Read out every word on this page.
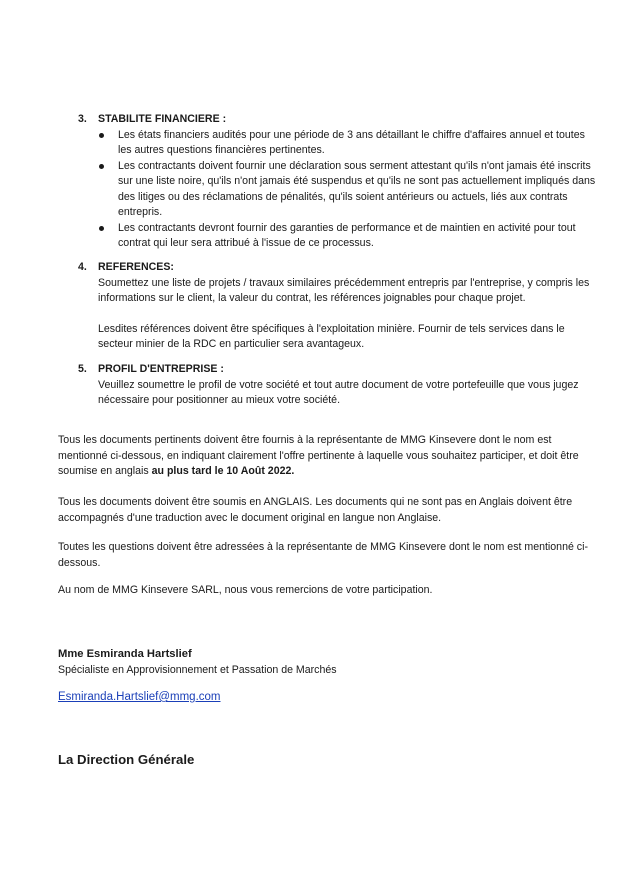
3.	STABILITE FINANCIERE :
Les états financiers audités pour une période de 3 ans détaillant le chiffre d'affaires annuel et toutes les autres questions financières pertinentes.
Les contractants doivent fournir une déclaration sous serment attestant qu'ils n'ont jamais été inscrits sur une liste noire, qu'ils n'ont jamais été suspendus et qu'ils ne sont pas actuellement impliqués dans des litiges ou des réclamations de pénalités, qu'ils soient antérieurs ou actuels, liés aux contrats entrepris.
Les contractants devront fournir des garanties de performance et de maintien en activité pour tout contrat qui leur sera attribué à l'issue de ce processus.
4.	REFERENCES:
Soumettez une liste de projets / travaux similaires précédemment entrepris par l'entreprise, y compris les informations sur le client, la valeur du contrat, les références joignables pour chaque projet.
Lesdites références doivent être spécifiques à l'exploitation minière. Fournir de tels services dans le secteur minier de la RDC en particulier sera avantageux.
5.	PROFIL D'ENTREPRISE :
Veuillez soumettre le profil de votre société et tout autre document de votre portefeuille que vous jugez nécessaire pour positionner au mieux votre société.
Tous les documents pertinents doivent être fournis à la représentante de MMG Kinsevere dont le nom est mentionné ci-dessous, en indiquant clairement l'offre pertinente à laquelle vous souhaitez participer, et doit être soumise en anglais au plus tard le 10 Août 2022.
Tous les documents doivent être soumis en ANGLAIS. Les documents qui ne sont pas en Anglais doivent être accompagnés d'une traduction avec le document original en langue non Anglaise.
Toutes les questions doivent être adressées à la représentante de MMG Kinsevere dont le nom est mentionné ci-dessous.
Au nom de MMG Kinsevere SARL, nous vous remercions de votre participation.
Mme Esmiranda Hartslief
Spécialiste en Approvisionnement et Passation de Marchés
Esmiranda.Hartslief@mmg.com
La Direction Générale
